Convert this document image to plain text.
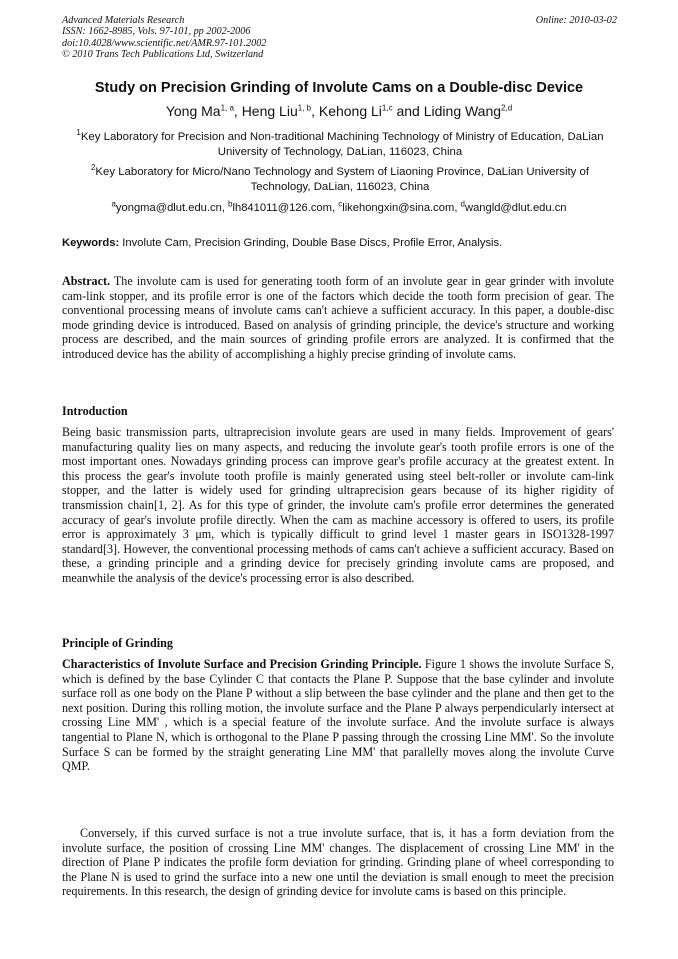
Advanced Materials Research
ISSN: 1662-8985, Vols. 97-101, pp 2002-2006
doi:10.4028/www.scientific.net/AMR.97-101.2002
© 2010 Trans Tech Publications Ltd, Switzerland
Online: 2010-03-02
Study on Precision Grinding of Involute Cams on a Double-disc Device
Yong Ma$^{1, a}$, Heng Liu$^{1, b}$, Kehong Li$^{1,c}$ and Liding Wang$^{2,d}$
$^1$Key Laboratory for Precision and Non-traditional Machining Technology of Ministry of Education, DaLian University of Technology, DaLian, 116023, China
$^2$Key Laboratory for Micro/Nano Technology and System of Liaoning Province, DaLian University of Technology, DaLian, 116023, China
$^a$yongma@dlut.edu.cn, $^b$lh841011@126.com, $^c$likehongxin@sina.com, $^d$wangld@dlut.edu.cn
Keywords: Involute Cam, Precision Grinding, Double Base Discs, Profile Error, Analysis.
Abstract. The involute cam is used for generating tooth form of an involute gear in gear grinder with involute cam-link stopper, and its profile error is one of the factors which decide the tooth form precision of gear. The conventional processing means of involute cams can't achieve a sufficient accuracy. In this paper, a double-disc mode grinding device is introduced. Based on analysis of grinding principle, the device's structure and working process are described, and the main sources of grinding profile errors are analyzed. It is confirmed that the introduced device has the ability of accomplishing a highly precise grinding of involute cams.
Introduction
Being basic transmission parts, ultraprecision involute gears are used in many fields. Improvement of gears' manufacturing quality lies on many aspects, and reducing the involute gear's tooth profile errors is one of the most important ones. Nowadays grinding process can improve gear's profile accuracy at the greatest extent. In this process the gear's involute tooth profile is mainly generated using steel belt-roller or involute cam-link stopper, and the latter is widely used for grinding ultraprecision gears because of its higher rigidity of transmission chain[1, 2]. As for this type of grinder, the involute cam's profile error determines the generated accuracy of gear's involute profile directly. When the cam as machine accessory is offered to users, its profile error is approximately 3 μm, which is typically difficult to grind level 1 master gears in ISO1328-1997 standard[3]. However, the conventional processing methods of cams can't achieve a sufficient accuracy. Based on these, a grinding principle and a grinding device for precisely grinding involute cams are proposed, and meanwhile the analysis of the device's processing error is also described.
Principle of Grinding
Characteristics of Involute Surface and Precision Grinding Principle. Figure 1 shows the involute Surface S, which is defined by the base Cylinder C that contacts the Plane P. Suppose that the base cylinder and involute surface roll as one body on the Plane P without a slip between the base cylinder and the plane and then get to the next position. During this rolling motion, the involute surface and the Plane P always perpendicularly intersect at crossing Line MM' , which is a special feature of the involute surface. And the involute surface is always tangential to Plane N, which is orthogonal to the Plane P passing through the crossing Line MM'. So the involute Surface S can be formed by the straight generating Line MM' that parallelly moves along the involute Curve QMP.
Conversely, if this curved surface is not a true involute surface, that is, it has a form deviation from the involute surface, the position of crossing Line MM' changes. The displacement of crossing Line MM' in the direction of Plane P indicates the profile form deviation for grinding. Grinding plane of wheel corresponding to the Plane N is used to grind the surface into a new one until the deviation is small enough to meet the precision requirements. In this research, the design of grinding device for involute cams is based on this principle.
